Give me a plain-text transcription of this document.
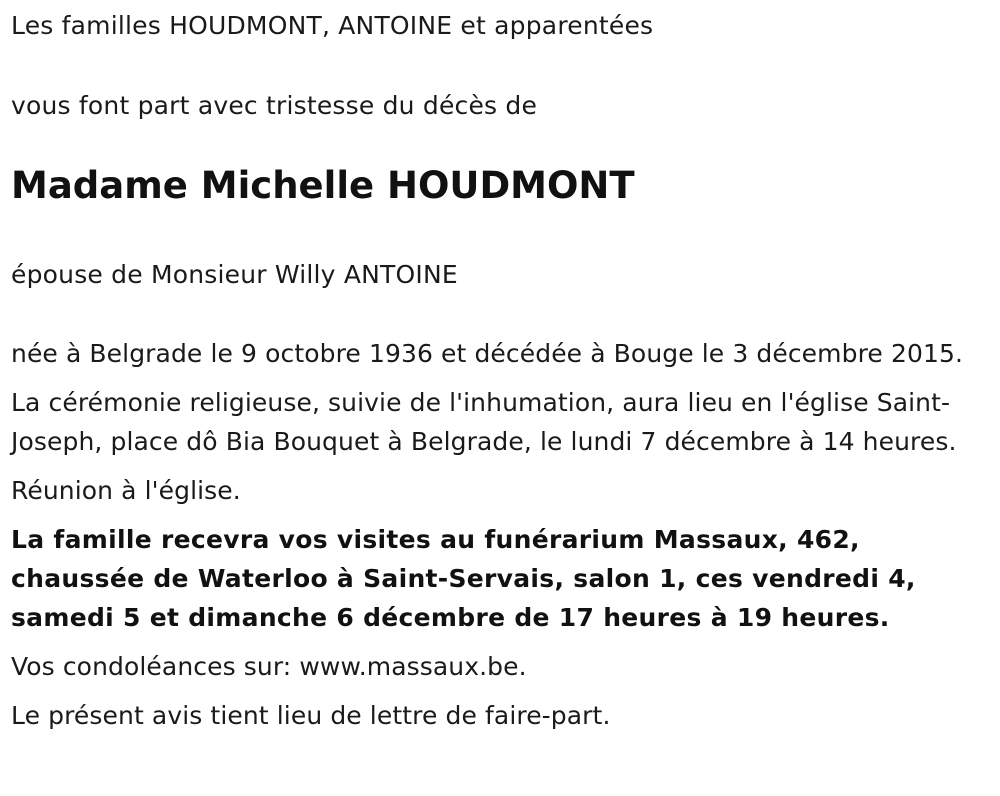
Les familles HOUDMONT, ANTOINE et apparentées

vous font part avec tristesse du décès de

Madame Michelle HOUDMONT

épouse de Monsieur Willy ANTOINE

née à Belgrade le 9 octobre 1936 et décédée à Bouge le 3 décembre 2015.

La cérémonie religieuse, suivie de l'inhumation, aura lieu en l'église Saint-Joseph, place dô Bia Bouquet à Belgrade, le lundi 7 décembre à 14 heures.

Réunion à l'église.

La famille recevra vos visites au funérarium Massaux, 462, chaussée de Waterloo à Saint-Servais, salon 1, ces vendredi 4, samedi 5 et dimanche 6 décembre de 17 heures à 19 heures.

Vos condoléances sur: www.massaux.be.

Le présent avis tient lieu de lettre de faire-part.
